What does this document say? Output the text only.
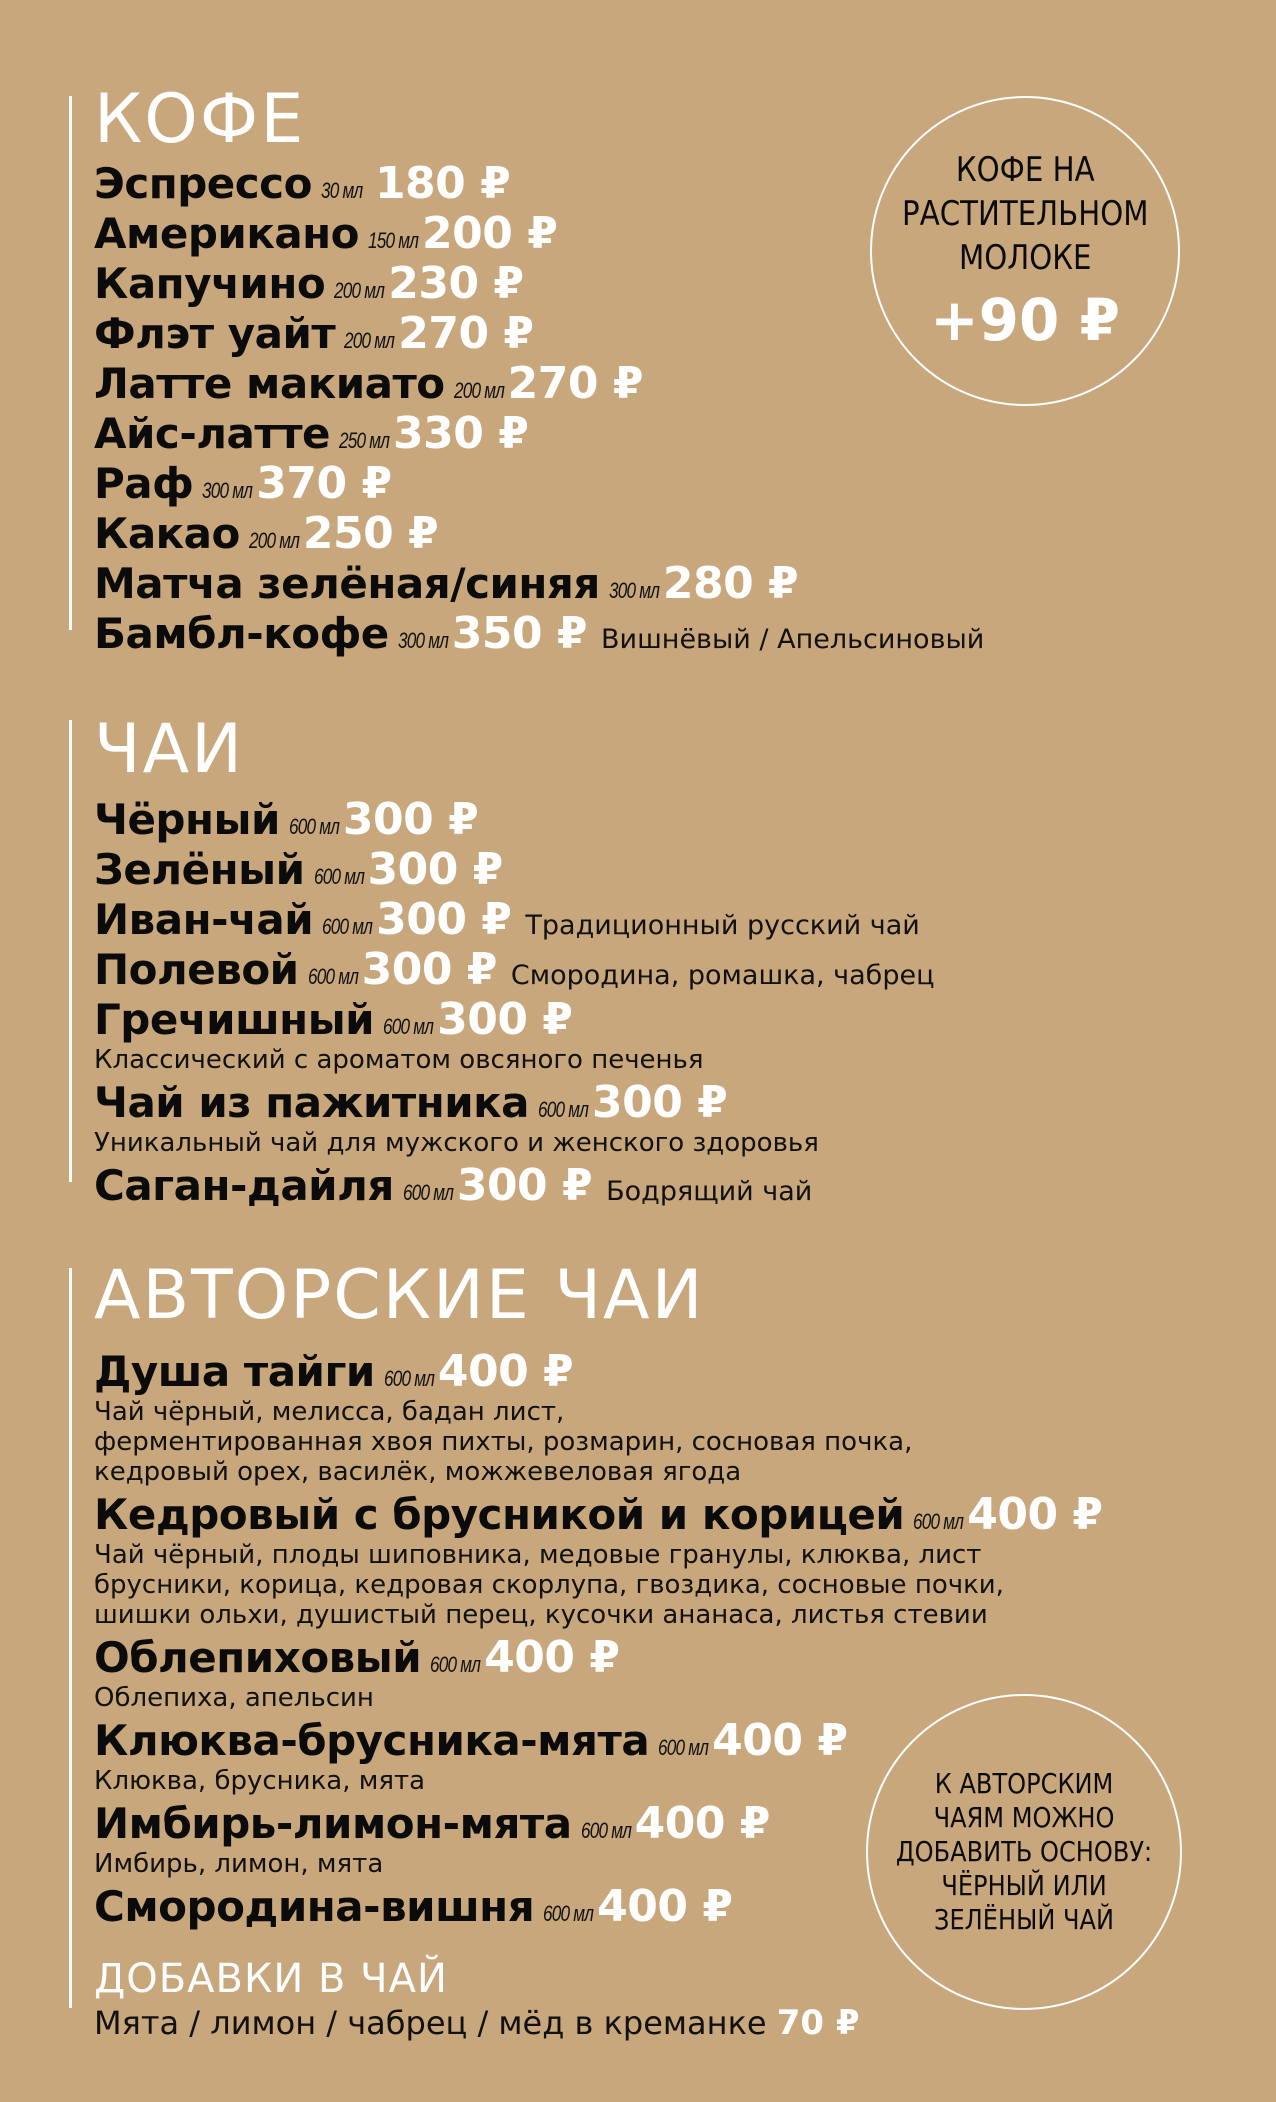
КОФЕ
Эспрессо 30 мл 180 ₽
Американо 150 мл 200 ₽
Капучино 200 мл 230 ₽
Флэт уайт 200 мл 270 ₽
Латте макиато 200 мл 270 ₽
Айс-латте 250 мл 330 ₽
Раф 300 мл 370 ₽
Какао 200 мл 250 ₽
Матча зелёная/синяя 300 мл 280 ₽
Бамбл-кофе 300 мл 350 ₽ Вишнёвый / Апельсиновый
КОФЕ НА
РАСТИТЕЛЬНОМ
МОЛОКЕ
+90 ₽
ЧАИ
Чёрный 600 мл 300 ₽
Зелёный 600 мл 300 ₽
Иван-чай 600 мл 300 ₽ Традиционный русский чай
Полевой 600 мл 300 ₽ Смородина, ромашка, чабрец
Гречишный 600 мл 300 ₽
Классический с ароматом овсяного печенья
Чай из пажитника 600 мл 300 ₽
Уникальный чай для мужского и женского здоровья
Саган-дайля 600 мл 300 ₽ Бодрящий чай
АВТОРСКИЕ ЧАИ
Душа тайги 600 мл 400 ₽
Чай чёрный, мелисса, бадан лист,
ферментированная хвоя пихты, розмарин, сосновая почка,
кедровый орех, василёк, можжевеловая ягода
Кедровый с брусникой и корицей 600 мл 400 ₽
Чай чёрный, плоды шиповника, медовые гранулы, клюква, лист
брусники, корица, кедровая скорлупа, гвоздика, сосновые почки,
шишки ольхи, душистый перец, кусочки ананаса, листья стевии
Облепиховый 600 мл 400 ₽
Облепиха, апельсин
Клюква-брусника-мята 600 мл 400 ₽
Клюква, брусника, мята
Имбирь-лимон-мята 600 мл 400 ₽
Имбирь, лимон, мята
Смородина-вишня 600 мл 400 ₽
ДОБАВКИ В ЧАЙ
Мята / лимон / чабрец / мёд в креманке 70 ₽
К АВТОРСКИМ
ЧАЯМ МОЖНО
ДОБАВИТЬ ОСНОВУ:
ЧЁРНЫЙ ИЛИ
ЗЕЛЁНЫЙ ЧАЙ
